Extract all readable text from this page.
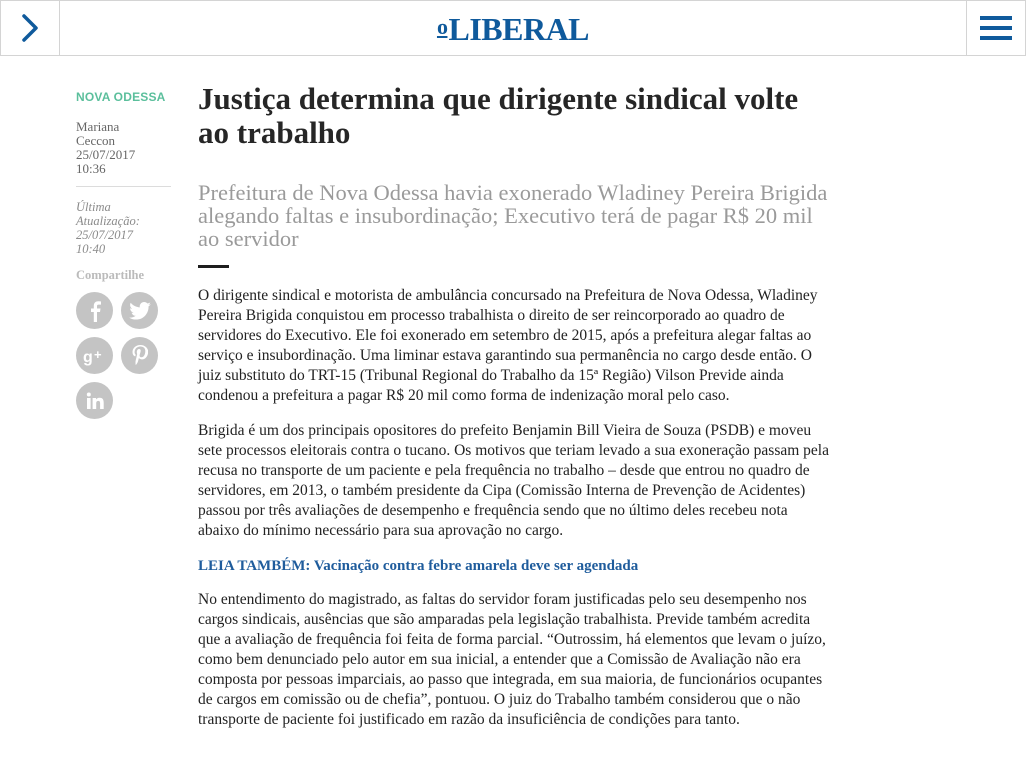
oLIBERAL
NOVA ODESSA
Mariana
Ceccon
25/07/2017
10:36
Última
Atualização:
25/07/2017
10:40
Compartilhe
g +
Justiça determina que dirigente sindical volte ao trabalho
Prefeitura de Nova Odessa havia exonerado Wladiney Pereira Brigida alegando faltas e insubordinação; Executivo terá de pagar R$ 20 mil ao servidor

O dirigente sindical e motorista de ambulância concursado na Prefeitura de Nova Odessa, Wladiney Pereira Brigida conquistou em processo trabalhista o direito de ser reincorporado ao quadro de servidores do Executivo. Ele foi exonerado em setembro de 2015, após a prefeitura alegar faltas ao serviço e insubordinação. Uma liminar estava garantindo sua permanência no cargo desde então. O juiz substituto do TRT-15 (Tribunal Regional do Trabalho da 15ª Região) Vilson Previde ainda condenou a prefeitura a pagar R$ 20 mil como forma de indenização moral pelo caso.

Brigida é um dos principais opositores do prefeito Benjamin Bill Vieira de Souza (PSDB) e moveu sete processos eleitorais contra o tucano. Os motivos que teriam levado a sua exoneração passam pela recusa no transporte de um paciente e pela frequência no trabalho – desde que entrou no quadro de servidores, em 2013, o também presidente da Cipa (Comissão Interna de Prevenção de Acidentes) passou por três avaliações de desempenho e frequência sendo que no último deles recebeu nota abaixo do mínimo necessário para sua aprovação no cargo.

LEIA TAMBÉM: Vacinação contra febre amarela deve ser agendada

No entendimento do magistrado, as faltas do servidor foram justificadas pelo seu desempenho nos cargos sindicais, ausências que são amparadas pela legislação trabalhista. Previde também acredita que a avaliação de frequência foi feita de forma parcial. “Outrossim, há elementos que levam o juízo, como bem denunciado pelo autor em sua inicial, a entender que a Comissão de Avaliação não era composta por pessoas imparciais, ao passo que integrada, em sua maioria, de funcionários ocupantes de cargos em comissão ou de chefia”, pontuou. O juiz do Trabalho também considerou que o não transporte de paciente foi justificado em razão da insuficiência de condições para tanto.
